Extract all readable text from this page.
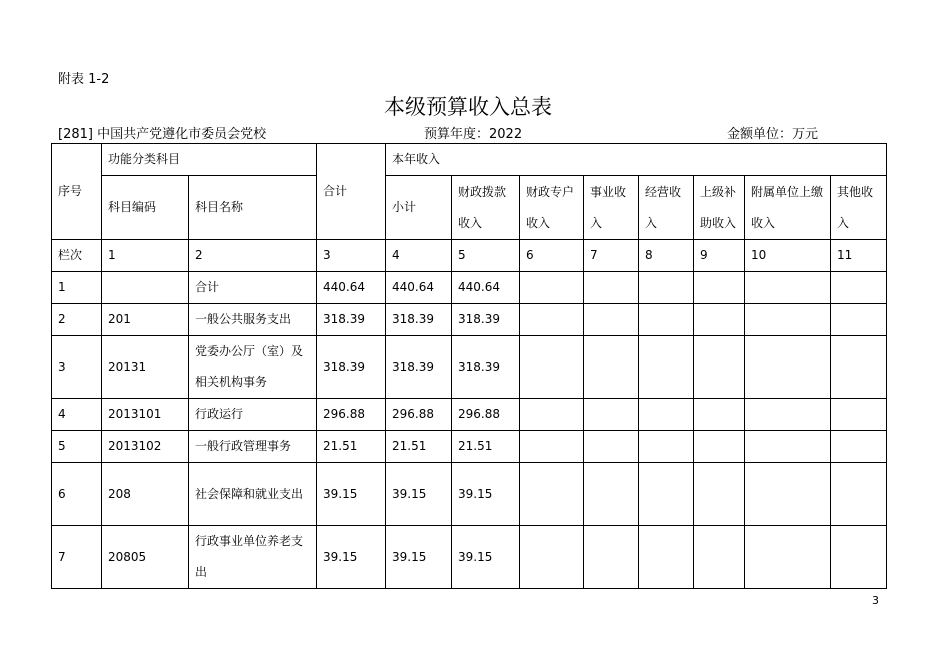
附表 1-2
本级预算收入总表
[281] 中国共产党遵化市委员会党校	预算年度：2022	金额单位：万元
序号	功能分类科目		合计	本年收入							
	科目编码	科目名称		小计	财政拨款收入	财政专户收入	事业收入	经营收入	上级补助收入	附属单位上缴收入	其他收入
栏次	1	2	3	4	5	6	7	8	9	10	11
1		合计	440.64	440.64	440.64						
2	201	一般公共服务支出	318.39	318.39	318.39						
3	20131	党委办公厅（室）及相关机构事务	318.39	318.39	318.39						
4	2013101	行政运行	296.88	296.88	296.88						
5	2013102	一般行政管理事务	21.51	21.51	21.51						
6	208	社会保障和就业支出	39.15	39.15	39.15						
7	20805	行政事业单位养老支出	39.15	39.15	39.15						
3
